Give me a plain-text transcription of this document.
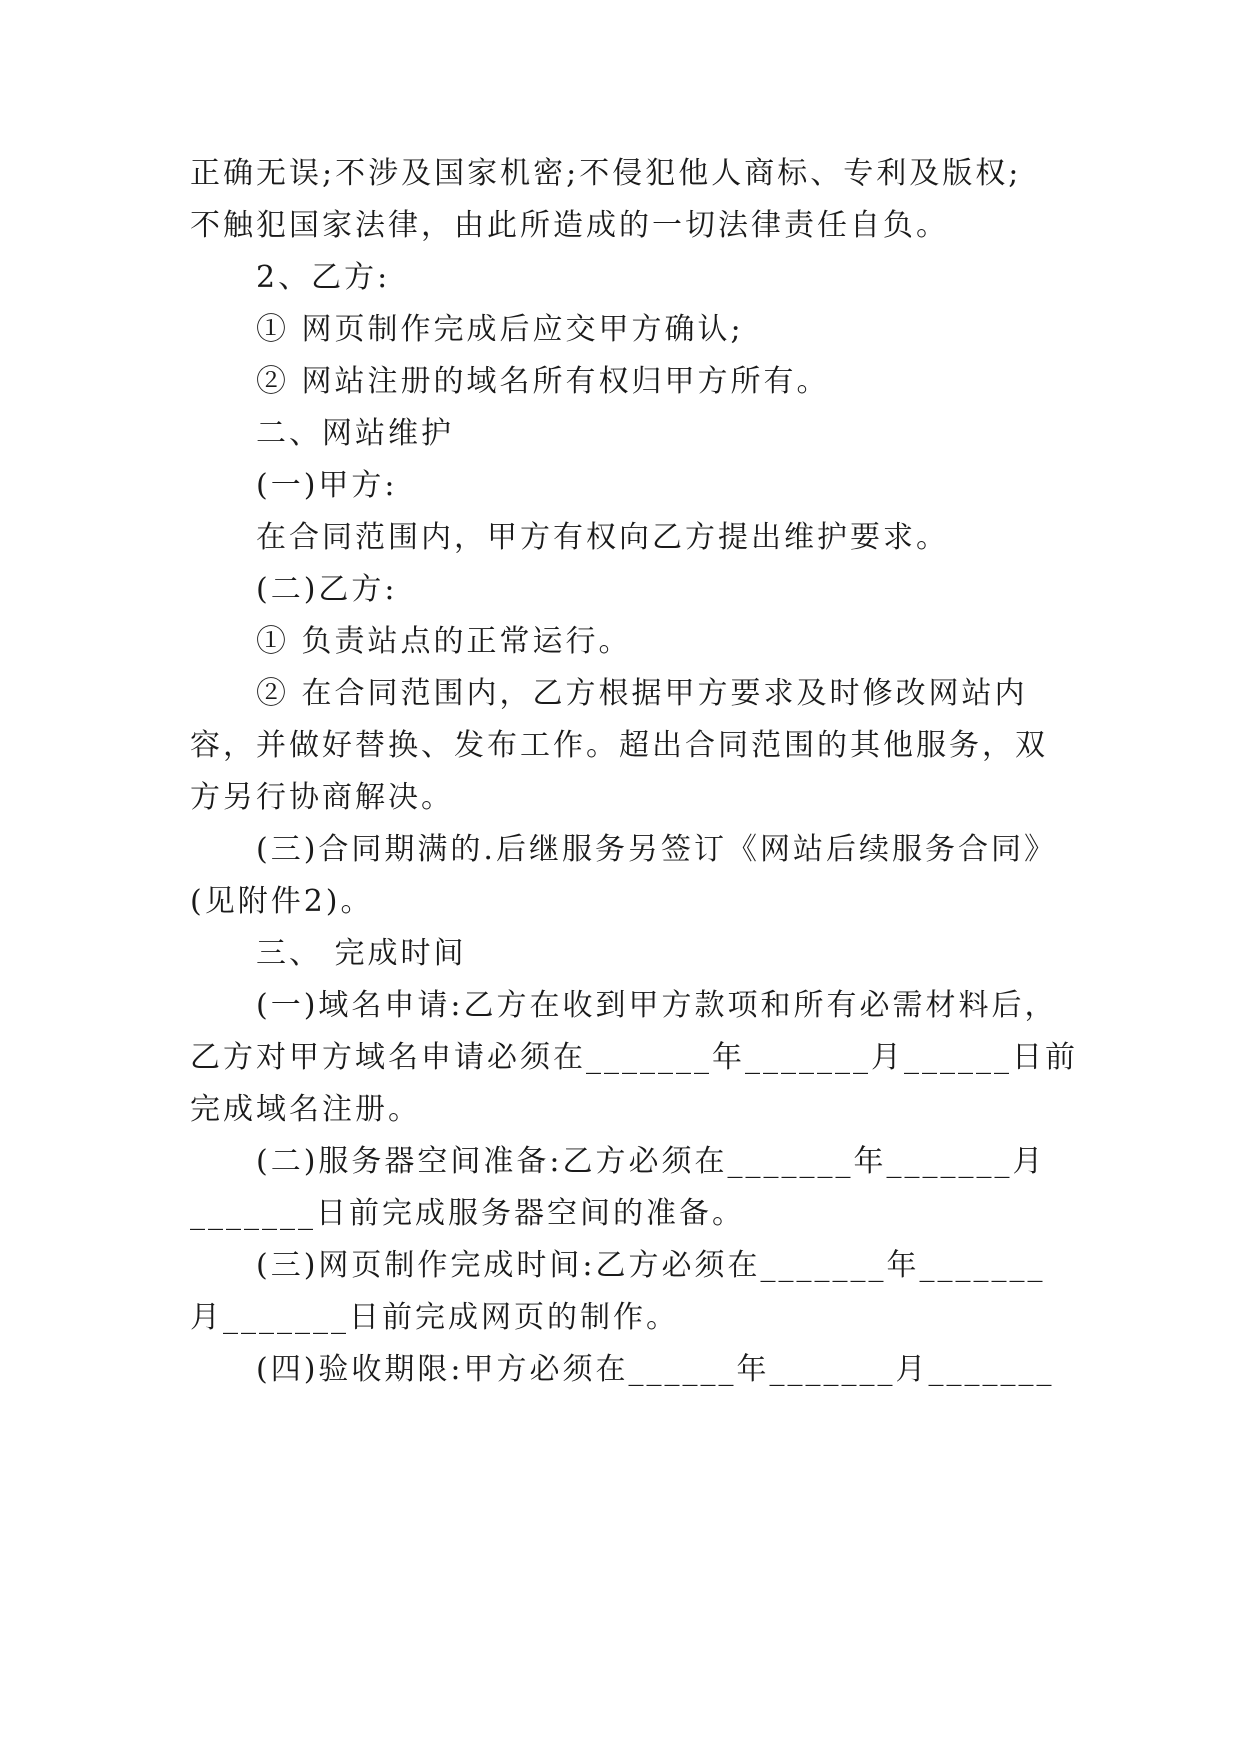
正确无误;不涉及国家机密;不侵犯他人商标、专利及版权;
不触犯国家法律，由此所造成的一切法律责任自负。
2、乙方:
① 网页制作完成后应交甲方确认;
② 网站注册的域名所有权归甲方所有。
二、网站维护
(一)甲方:
在合同范围内，甲方有权向乙方提出维护要求。
(二)乙方:
① 负责站点的正常运行。
② 在合同范围内，乙方根据甲方要求及时修改网站内
容，并做好替换、发布工作。超出合同范围的其他服务，双
方另行协商解决。
(三)合同期满的.后继服务另签订《网站后续服务合同》
(见附件2)。
三、 完成时间
(一)域名申请:乙方在收到甲方款项和所有必需材料后，
乙方对甲方域名申请必须在_______年_______月______日前
完成域名注册。
(二)服务器空间准备:乙方必须在_______年_______月
_______日前完成服务器空间的准备。
(三)网页制作完成时间:乙方必须在_______年_______
月_______日前完成网页的制作。
(四)验收期限:甲方必须在______年_______月_______
